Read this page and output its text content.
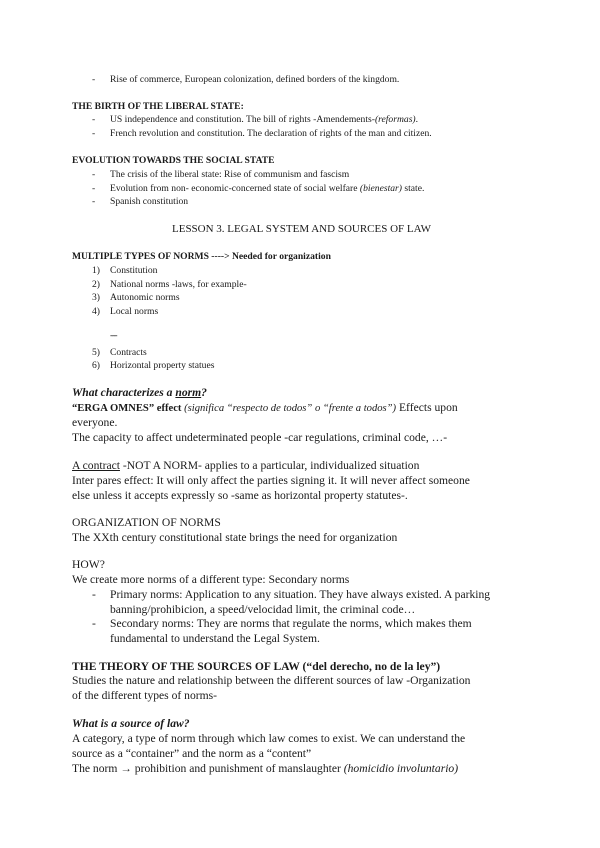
- Rise of commerce, European colonization, defined borders of the kingdom.
THE BIRTH OF THE LIBERAL STATE:
- US independence and constitution. The bill of rights -Amendements-(reformas).
- French revolution and constitution. The declaration of rights of the man and citizen.
EVOLUTION TOWARDS THE SOCIAL STATE
- The crisis of the liberal state: Rise of communism and fascism
- Evolution from non- economic-concerned state of social welfare (bienestar) state.
- Spanish constitution
LESSON 3. LEGAL SYSTEM AND SOURCES OF LAW
MULTIPLE TYPES OF NORMS ----> Needed for organization
1) Constitution
2) National norms -laws, for example-
3) Autonomic norms
4) Local norms
---
5) Contracts
6) Horizontal property statues
What characterizes a norm?
“ERGA OMNES” effect (significa “respecto de todos” o “frente a todos”) Effects upon
everyone.
The capacity to affect undeterminated people -car regulations, criminal code, …-
A contract -NOT A NORM- applies to a particular, individualized situation
Inter pares effect: It will only affect the parties signing it. It will never affect someone
else unless it accepts expressly so -same as horizontal property statutes-.
ORGANIZATION OF NORMS
The XXth century constitutional state brings the need for organization
HOW?
We create more norms of a different type: Secondary norms
- Primary norms: Application to any situation. They have always existed. A parking
banning/prohibicion, a speed/velocidad limit, the criminal code…
- Secondary norms: They are norms that regulate the norms, which makes them
fundamental to understand the Legal System.
THE THEORY OF THE SOURCES OF LAW (“del derecho, no de la ley”)
Studies the nature and relationship between the different sources of law -Organization
of the different types of norms-
What is a source of law?
A category, a type of norm through which law comes to exist. We can understand the
source as a “container” and the norm as a “content”
The norm → prohibition and punishment of manslaughter (homicidio involuntario)
